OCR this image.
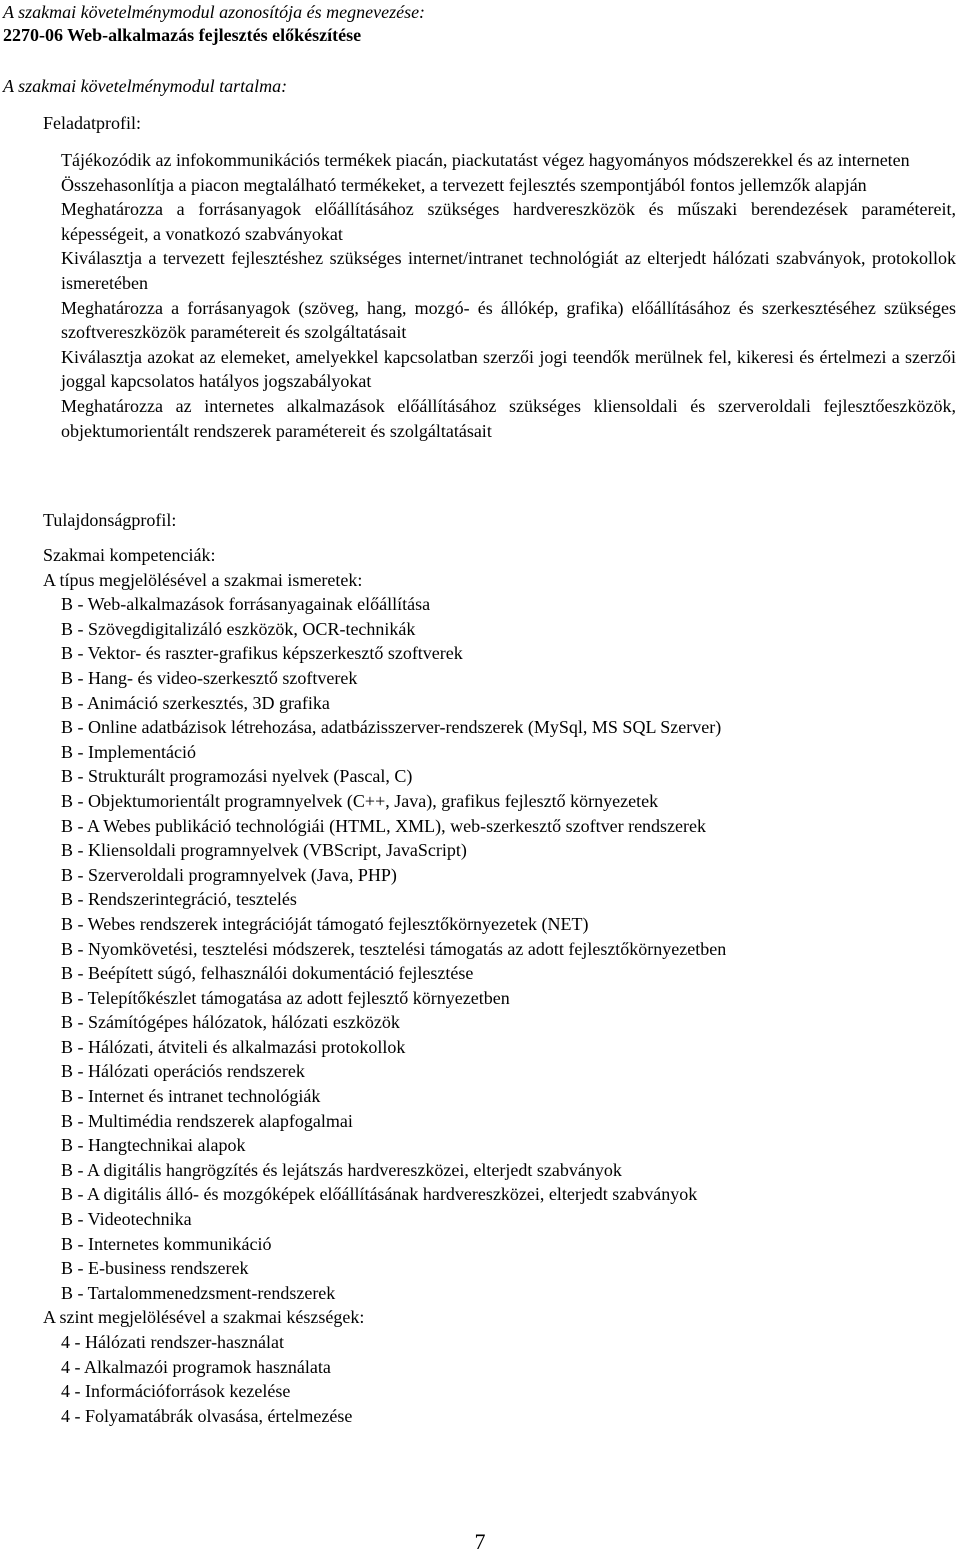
A szakmai követelménymodul azonosítója és megnevezése:
2270-06 Web-alkalmazás fejlesztés előkészítése
A szakmai követelménymodul tartalma:
Feladatprofil:
Tájékozódik az infokommunikációs termékek piacán, piackutatást végez hagyományos módszerekkel és az interneten
Összehasonlítja a piacon megtalálható termékeket, a tervezett fejlesztés szempontjából fontos jellemzők alapján
Meghatározza a forrásanyagok előállításához szükséges hardvereszközök és műszaki berendezések paramétereit, képességeit, a vonatkozó szabványokat
Kiválasztja a tervezett fejlesztéshez szükséges internet/intranet technológiát az elterjedt hálózati szabványok, protokollok ismeretében
Meghatározza a forrásanyagok (szöveg, hang, mozgó- és állókép, grafika) előállításához és szerkesztéséhez szükséges szoftvereszközök paramétereit és szolgáltatásait
Kiválasztja azokat az elemeket, amelyekkel kapcsolatban szerzői jogi teendők merülnek fel, kikeresi és értelmezi a szerzői joggal kapcsolatos hatályos jogszabályokat
Meghatározza az internetes alkalmazások előállításához szükséges kliensoldali és szerveroldali fejlesztőeszközök, objektumorientált rendszerek paramétereit és szolgáltatásait
Tulajdonságprofil:
Szakmai kompetenciák:
A típus megjelölésével a szakmai ismeretek:
B - Web-alkalmazások forrásanyagainak előállítása
B - Szövegdigitalizáló eszközök, OCR-technikák
B - Vektor- és raszter-grafikus képszerkesztő szoftverek
B - Hang- és video-szerkesztő szoftverek
B - Animáció szerkesztés, 3D grafika
B - Online adatbázisok létrehozása, adatbázisszerver-rendszerek (MySql, MS SQL Szerver)
B - Implementáció
B - Strukturált programozási nyelvek (Pascal, C)
B - Objektumorientált programnyelvek (C++, Java), grafikus fejlesztő környezetek
B - A Webes publikáció technológiái (HTML, XML), web-szerkesztő szoftver rendszerek
B - Kliensoldali programnyelvek (VBScript, JavaScript)
B - Szerveroldali programnyelvek (Java, PHP)
B - Rendszerintegráció, tesztelés
B - Webes rendszerek integrációját támogató fejlesztőkörnyezetek (NET)
B - Nyomkövetési, tesztelési módszerek, tesztelési támogatás az adott fejlesztőkörnyezetben
B - Beépített súgó, felhasználói dokumentáció fejlesztése
B - Telepítőkészlet támogatása az adott fejlesztő környezetben
B - Számítógépes hálózatok, hálózati eszközök
B - Hálózati, átviteli és alkalmazási protokollok
B - Hálózati operációs rendszerek
B - Internet és intranet technológiák
B - Multimédia rendszerek alapfogalmai
B - Hangtechnikai alapok
B - A digitális hangrögzítés és lejátszás hardvereszközei, elterjedt szabványok
B - A digitális álló- és mozgóképek előállításának hardvereszközei, elterjedt szabványok
B - Videotechnika
B - Internetes kommunikáció
B - E-business rendszerek
B - Tartalommenedzsment-rendszerek
A szint megjelölésével a szakmai készségek:
4 - Hálózati rendszer-használat
4 - Alkalmazói programok használata
4 - Információforrások kezelése
4 - Folyamatábrák olvasása, értelmezése
7
